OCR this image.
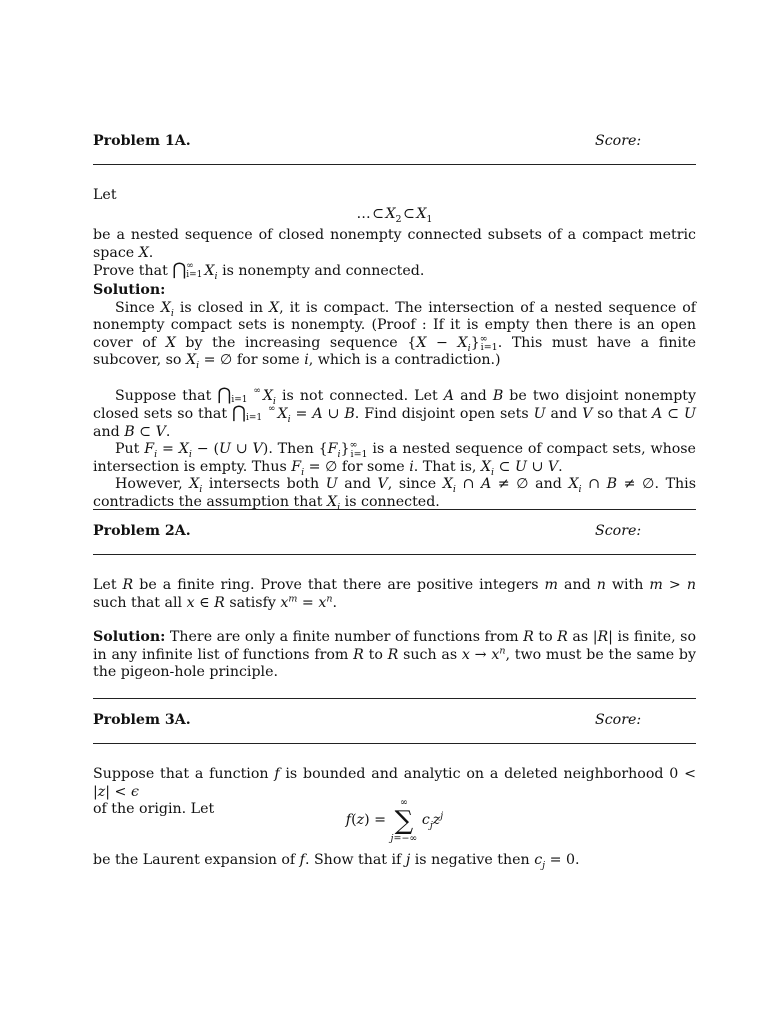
Problem 1A.	Score:

Let

… ⊂ $X_2$ ⊂ $X_1$

be a nested sequence of closed nonempty connected subsets of a compact metric space X.

Prove that ⋂∞
i=1 $X_i$ is nonempty and connected.

Solution:

Since $X_i$ is closed in X, it is compact. The intersection of a nested sequence of nonempty compact sets is nonempty. (Proof : If it is empty then there is an open cover of X by the increasing sequence $\{X - X_i\}^\infty_{i=1}$. This must have a finite subcover, so $X_i$ = ∅ for some i, which is a contradiction.)

Suppose that ⋂ ∞
i=1 $X_i$ is not connected. Let A and B be two disjoint nonempty closed sets so that ⋂ ∞
i=1 $X_i = A$ ∪ B. Find disjoint open sets U and V so that A ⊂ U and B ⊂ V.

Put $F_i = X_i - (U$ ∪ V). Then $\{F_i\}^\infty_{i=1}$ is a nested sequence of compact sets, whose intersection is empty. Thus $F_i$ = ∅ for some i. That is, $X_i$ ⊂ U ∪ V.

However, $X_i$ intersects both U and V, since $X_i$ ∩ A ≠ ∅ and $X_i$ ∩ B ≠ ∅. This contradicts the assumption that $X_i$ is connected.

Problem 2A.	Score:

Let R be a finite ring. Prove that there are positive integers m and n with m > n such that all x ∈ R satisfy $x^m = x^n$.

Solution: There are only a finite number of functions from R to R as |R| is finite, so in any infinite list of functions from R to R such as $x \to x^n$, two must be the same by the pigeon-hole principle.

Problem 3A.	Score:

Suppose that a function f is bounded and analytic on a deleted neighborhood 0 < |z| < ϵ

of the origin. Let

f(z) =
∞
∑
j=−∞
$c_jz^j$

be the Laurent expansion of f. Show that if j is negative then $c_j = 0$.
